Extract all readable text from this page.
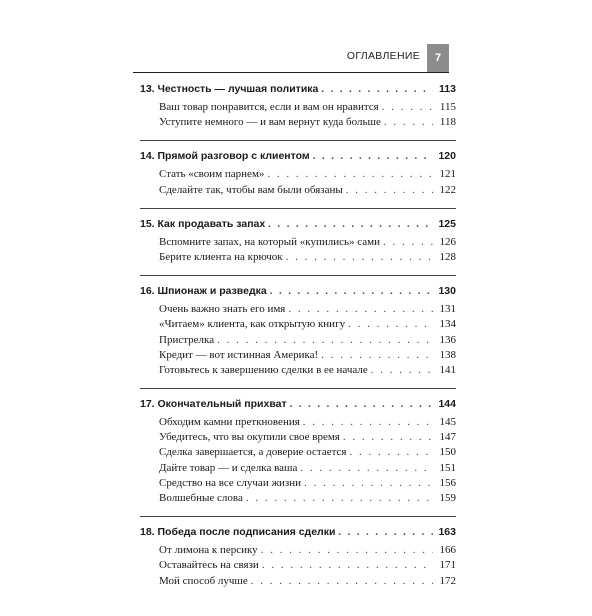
ОГЛАВЛЕНИЕ	7
13. Честность — лучшая политика . . .	113
Ваш товар понравится, если и вам он нравится . . .	115
Уступите немного — и вам вернут куда больше . . .	118
14. Прямой разговор с клиентом . . .	120
Стать «своим парнем» . . .	121
Сделайте так, чтобы вам были обязаны . . .	122
15. Как продавать запах . . .	125
Вспомните запах, на который «купились» сами . . .	126
Берите клиента на крючок . . .	128
16. Шпионаж и разведка . . .	130
Очень важно знать его имя . . .	131
«Читаем» клиента, как открытую книгу . . .	134
Пристрелка . . .	136
Кредит — вот истинная Америка! . . .	138
Готовьтесь к завершению сделки в ее начале . . .	141
17. Окончательный прихват . . .	144
Обходим камни преткновения . . .	145
Убедитесь, что вы окупили свое время . . .	147
Сделка завершается, а доверие остается . . .	150
Дайте товар — и сделка ваша . . .	151
Средство на все случаи жизни . . .	156
Волшебные слова . . .	159
18. Победа после подписания сделки . . .	163
От лимона к персику . . .	166
Оставайтесь на связи . . .	171
Мой способ лучше . . .	172
